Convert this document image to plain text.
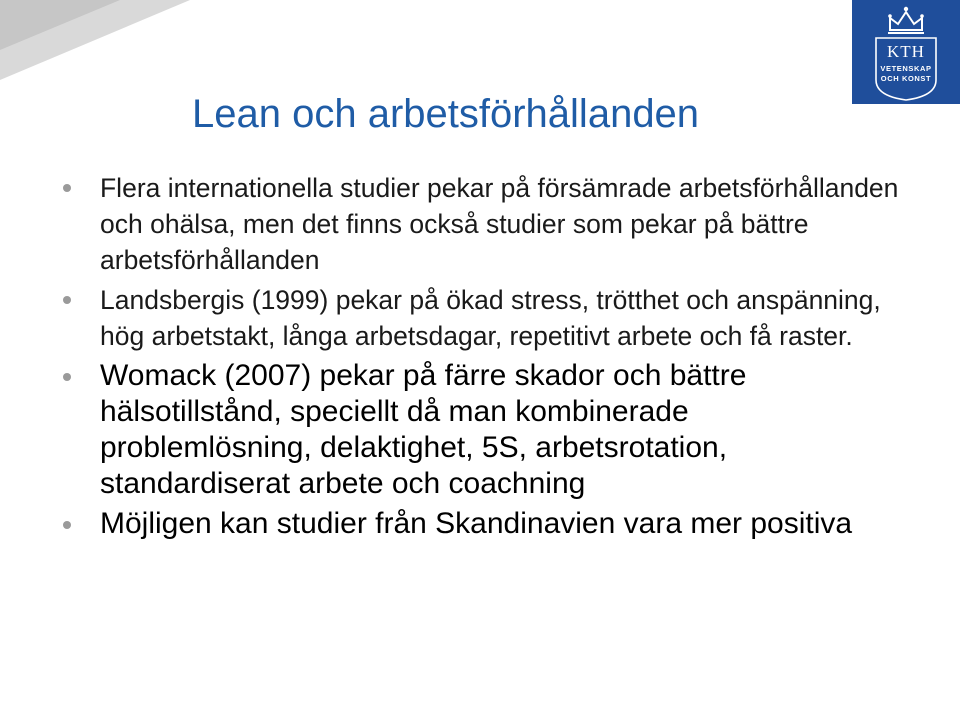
KTH
VETENSKAP
OCH KONST
Lean och arbetsförhållanden
Flera internationella studier pekar på försämrade arbetsförhållanden och ohälsa, men det finns också studier som pekar på bättre arbetsförhållanden
Landsbergis (1999) pekar på ökad stress, trötthet och anspänning, hög arbetstakt, långa arbetsdagar, repetitivt arbete och få raster.
Womack (2007) pekar på färre skador och bättre hälsotillstånd, speciellt då man kombinerade problemlösning, delaktighet, 5S, arbetsrotation, standardiserat arbete och coachning
Möjligen kan studier från Skandinavien vara mer positiva
